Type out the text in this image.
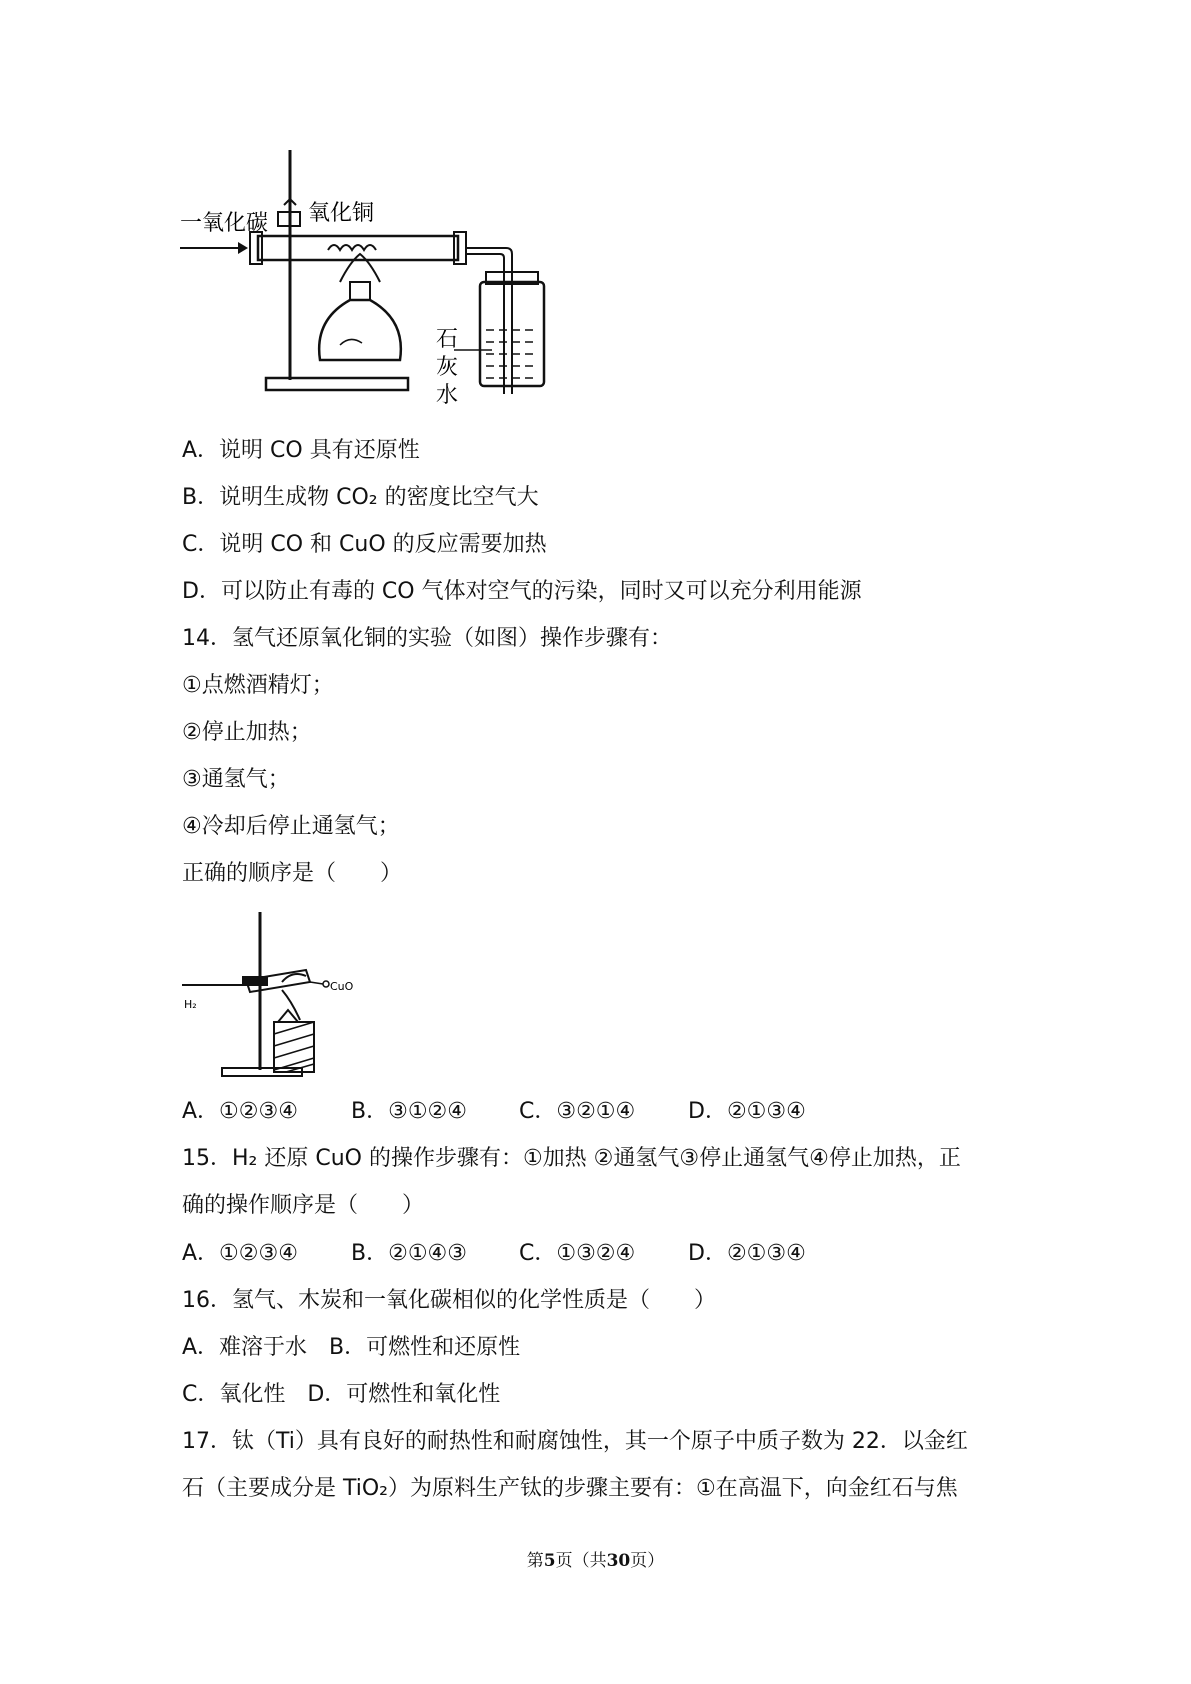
一氧化碳 氧化铜
石
灰
水
A．说明 CO 具有还原性
B．说明生成物 CO₂ 的密度比空气大
C．说明 CO 和 CuO 的反应需要加热
D．可以防止有毒的 CO 气体对空气的污染，同时又可以充分利用能源
14．氢气还原氧化铜的实验（如图）操作步骤有：
①点燃酒精灯；
②停止加热；
③通氢气；
④冷却后停止通氢气；
正确的顺序是（　　）
H₂
CuO
A．①②③④ B．③①②④ C．③②①④ D．②①③④
15．H₂ 还原 CuO 的操作步骤有：①加热 ②通氢气③停止通氢气④停止加热，正
确的操作顺序是（　　）
A．①②③④ B．②①④③ C．①③②④ D．②①③④
16．氢气、木炭和一氧化碳相似的化学性质是（　　）
A．难溶于水　B．可燃性和还原性
C．氧化性　D．可燃性和氧化性
17．钛（Ti）具有良好的耐热性和耐腐蚀性，其一个原子中质子数为 22．以金红
石（主要成分是 TiO₂）为原料生产钛的步骤主要有：①在高温下，向金红石与焦
第5页（共30页）
